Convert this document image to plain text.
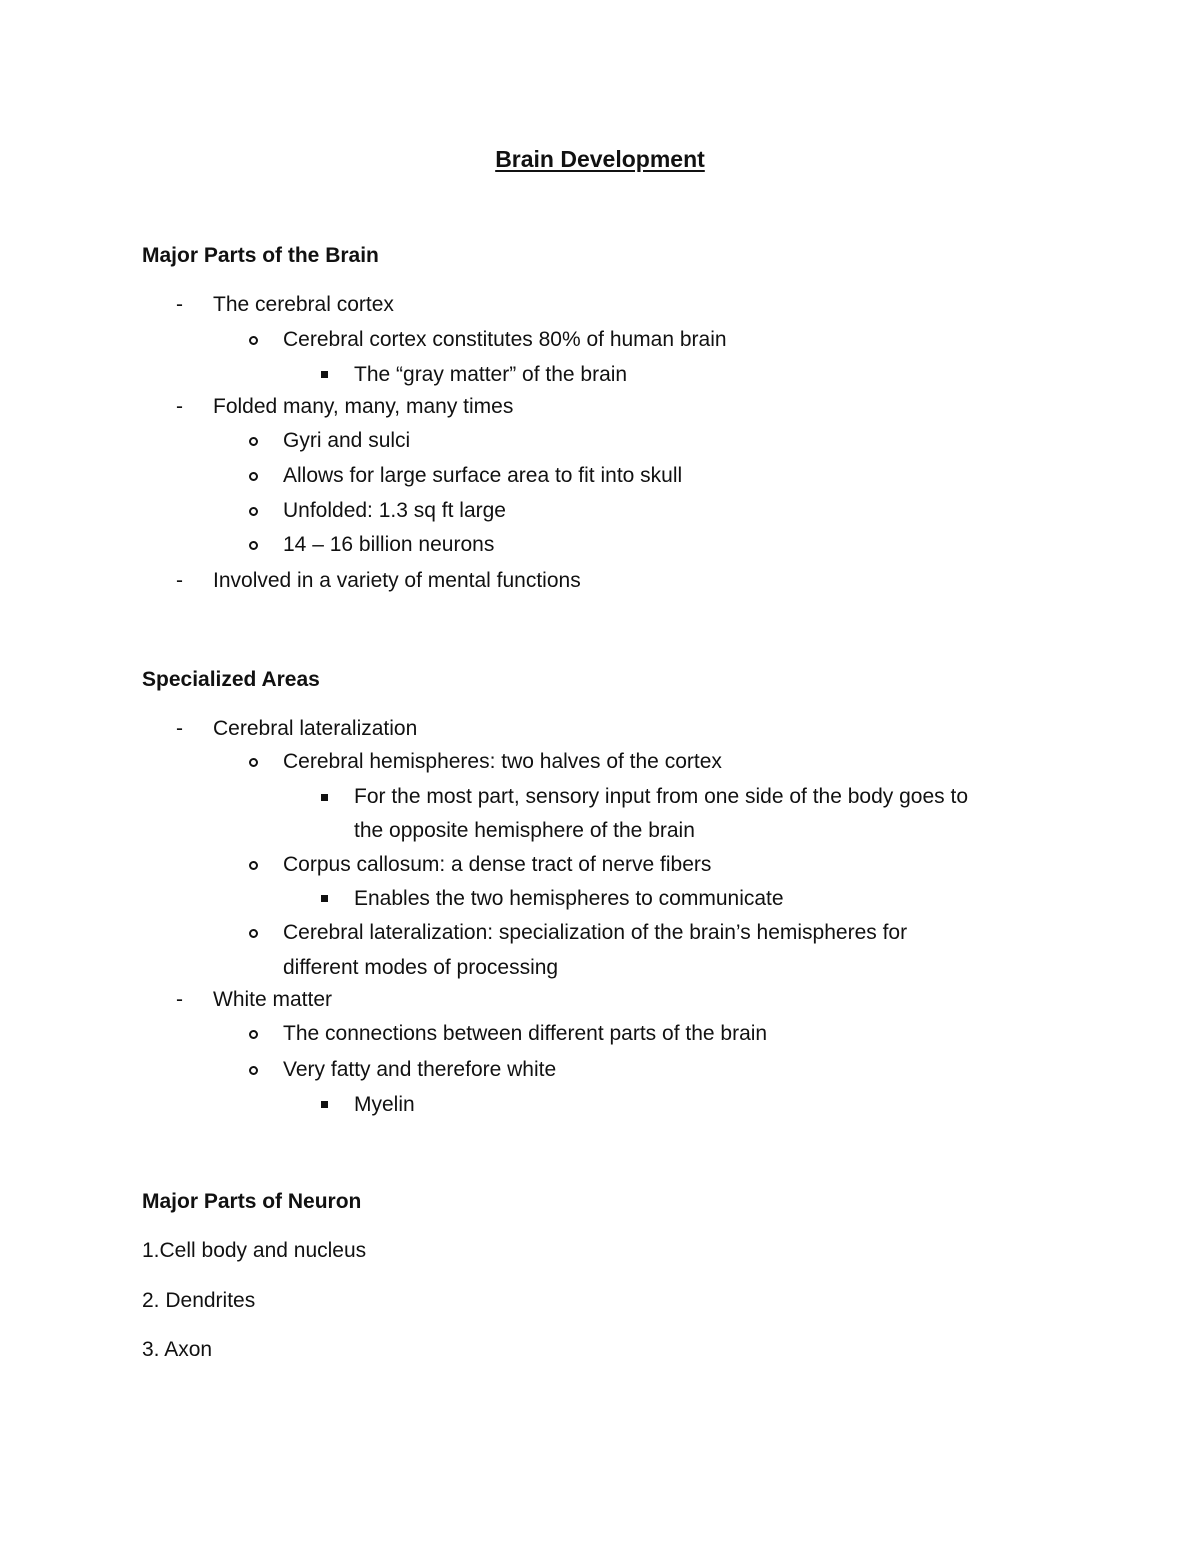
Brain Development
Major Parts of the Brain
- The cerebral cortex
Cerebral cortex constitutes 80% of human brain
The “gray matter” of the brain
- Folded many, many, many times
Gyri and sulci
Allows for large surface area to fit into skull
Unfolded: 1.3 sq ft large
14 – 16 billion neurons
- Involved in a variety of mental functions
Specialized Areas
- Cerebral lateralization
Cerebral hemispheres: two halves of the cortex
For the most part, sensory input from one side of the body goes to
the opposite hemisphere of the brain
Corpus callosum: a dense tract of nerve fibers
Enables the two hemispheres to communicate
Cerebral lateralization: specialization of the brain’s hemispheres for
different modes of processing
- White matter
The connections between different parts of the brain
Very fatty and therefore white
Myelin
Major Parts of Neuron
1.Cell body and nucleus
2. Dendrites
3. Axon
